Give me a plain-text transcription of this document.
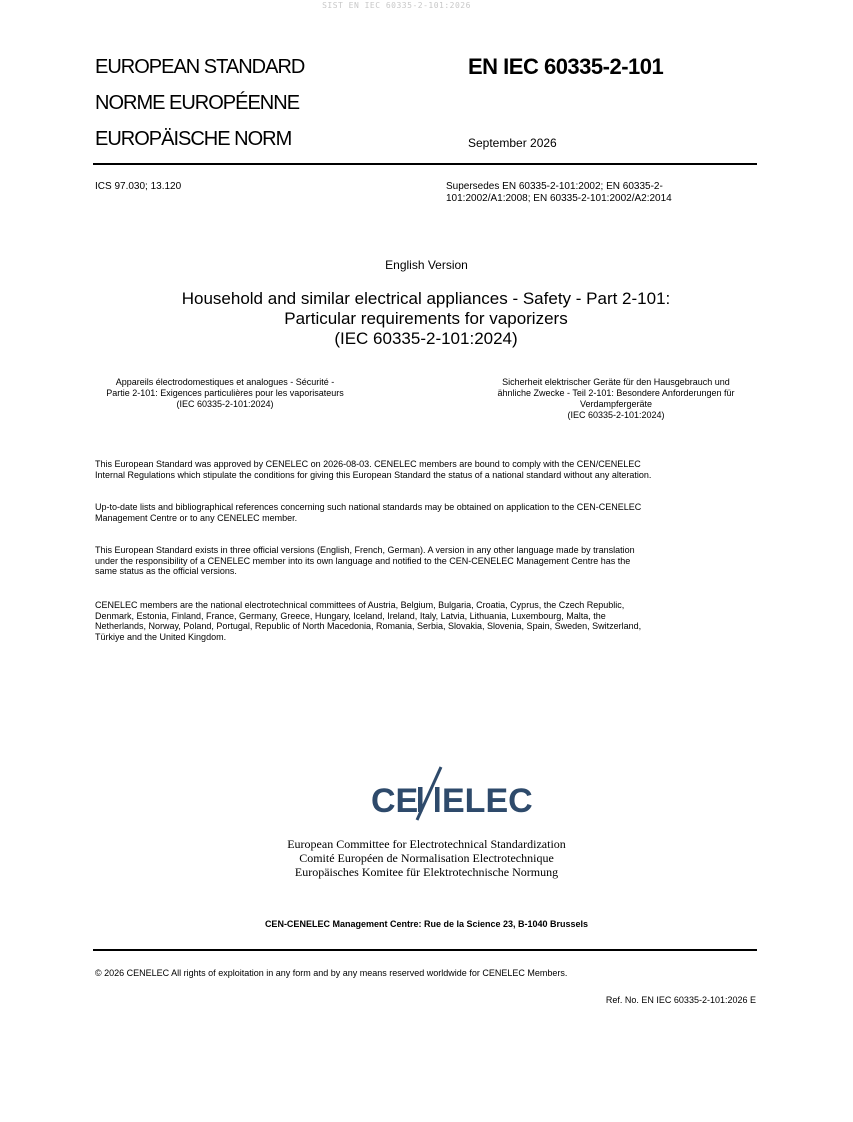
SIST EN IEC 60335-2-101:2026
EUROPEAN STANDARD
NORME EUROPÉENNE
EUROPÄISCHE NORM
EN IEC 60335-2-101
September 2026
ICS 97.030; 13.120	Supersedes EN 60335-2-101:2002; EN 60335-2-
101:2002/A1:2008; EN 60335-2-101:2002/A2:2014
English Version
Household and similar electrical appliances - Safety - Part 2-101:
Particular requirements for vaporizers
(IEC 60335-2-101:2024)
Appareils électrodomestiques et analogues - Sécurité -
Partie 2-101: Exigences particulières pour les vaporisateurs
(IEC 60335-2-101:2024)
Sicherheit elektrischer Geräte für den Hausgebrauch und
ähnliche Zwecke - Teil 2-101: Besondere Anforderungen für
Verdampfergeräte
(IEC 60335-2-101:2024)
This European Standard was approved by CENELEC on 2026-08-03. CENELEC members are bound to comply with the CEN/CENELEC
Internal Regulations which stipulate the conditions for giving this European Standard the status of a national standard without any alteration.
Up-to-date lists and bibliographical references concerning such national standards may be obtained on application to the CEN-CENELEC
Management Centre or to any CENELEC member.
This European Standard exists in three official versions (English, French, German). A version in any other language made by translation
under the responsibility of a CENELEC member into its own language and notified to the CEN-CENELEC Management Centre has the
same status as the official versions.
CENELEC members are the national electrotechnical committees of Austria, Belgium, Bulgaria, Croatia, Cyprus, the Czech Republic,
Denmark, Estonia, Finland, France, Germany, Greece, Hungary, Iceland, Ireland, Italy, Latvia, Lithuania, Luxembourg, Malta, the
Netherlands, Norway, Poland, Portugal, Republic of North Macedonia, Romania, Serbia, Slovakia, Slovenia, Spain, Sweden, Switzerland,
Türkiye and the United Kingdom.
CE ELEC
European Committee for Electrotechnical Standardization
Comité Européen de Normalisation Electrotechnique
Europäisches Komitee für Elektrotechnische Normung
CEN-CENELEC Management Centre: Rue de la Science 23, B-1040 Brussels
© 2026 CENELEC All rights of exploitation in any form and by any means reserved worldwide for CENELEC Members.
Ref. No. EN IEC 60335-2-101:2026 E
